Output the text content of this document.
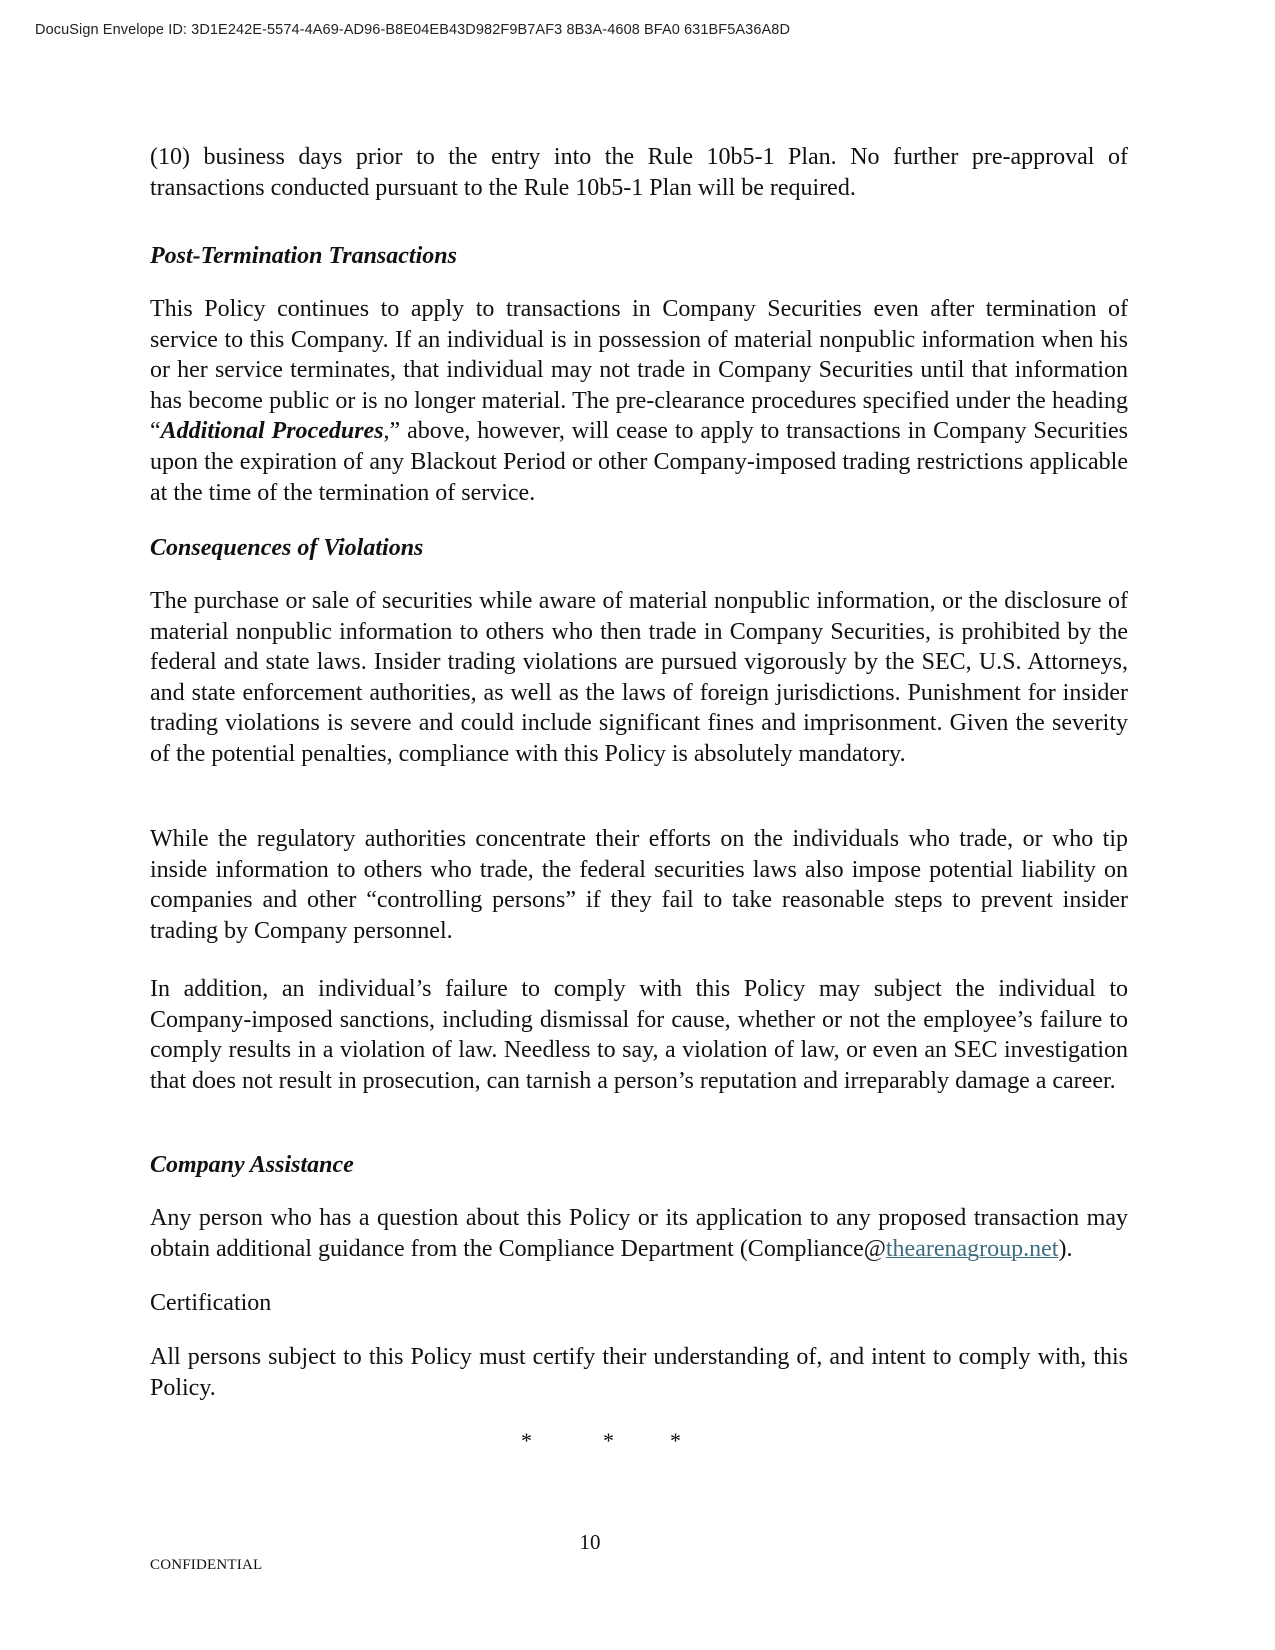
DocuSign Envelope ID: 3D1E242E-5574-4A69-AD96-B8E04EB43D982F9B7AF3 8B3A-4608 BFA0 631BF5A36A8D

(10) business days prior to the entry into the Rule 10b5-1 Plan. No further pre-approval of transactions conducted pursuant to the Rule 10b5-1 Plan will be required.

Post-Termination Transactions

This Policy continues to apply to transactions in Company Securities even after termination of service to this Company. If an individual is in possession of material nonpublic information when his or her service terminates, that individual may not trade in Company Securities until that information has become public or is no longer material. The pre-clearance procedures specified under the heading “Additional Procedures,” above, however, will cease to apply to transactions in Company Securities upon the expiration of any Blackout Period or other Company-imposed trading restrictions applicable at the time of the termination of service.

Consequences of Violations

The purchase or sale of securities while aware of material nonpublic information, or the disclosure of material nonpublic information to others who then trade in Company Securities, is prohibited by the federal and state laws. Insider trading violations are pursued vigorously by the SEC, U.S. Attorneys, and state enforcement authorities, as well as the laws of foreign jurisdictions. Punishment for insider trading violations is severe and could include significant fines and imprisonment. Given the severity of the potential penalties, compliance with this Policy is absolutely mandatory.

While the regulatory authorities concentrate their efforts on the individuals who trade, or who tip inside information to others who trade, the federal securities laws also impose potential liability on companies and other “controlling persons” if they fail to take reasonable steps to prevent insider trading by Company personnel.

In addition, an individual’s failure to comply with this Policy may subject the individual to Company-imposed sanctions, including dismissal for cause, whether or not the employee’s failure to comply results in a violation of law. Needless to say, a violation of law, or even an SEC investigation that does not result in prosecution, can tarnish a person’s reputation and irreparably damage a career.

Company Assistance

Any person who has a question about this Policy or its application to any proposed transaction may obtain additional guidance from the Compliance Department (Compliance@thearenagroup.net).

Certification

All persons subject to this Policy must certify their understanding of, and intent to comply with, this Policy.

*	*	*
10
CONFIDENTIAL
